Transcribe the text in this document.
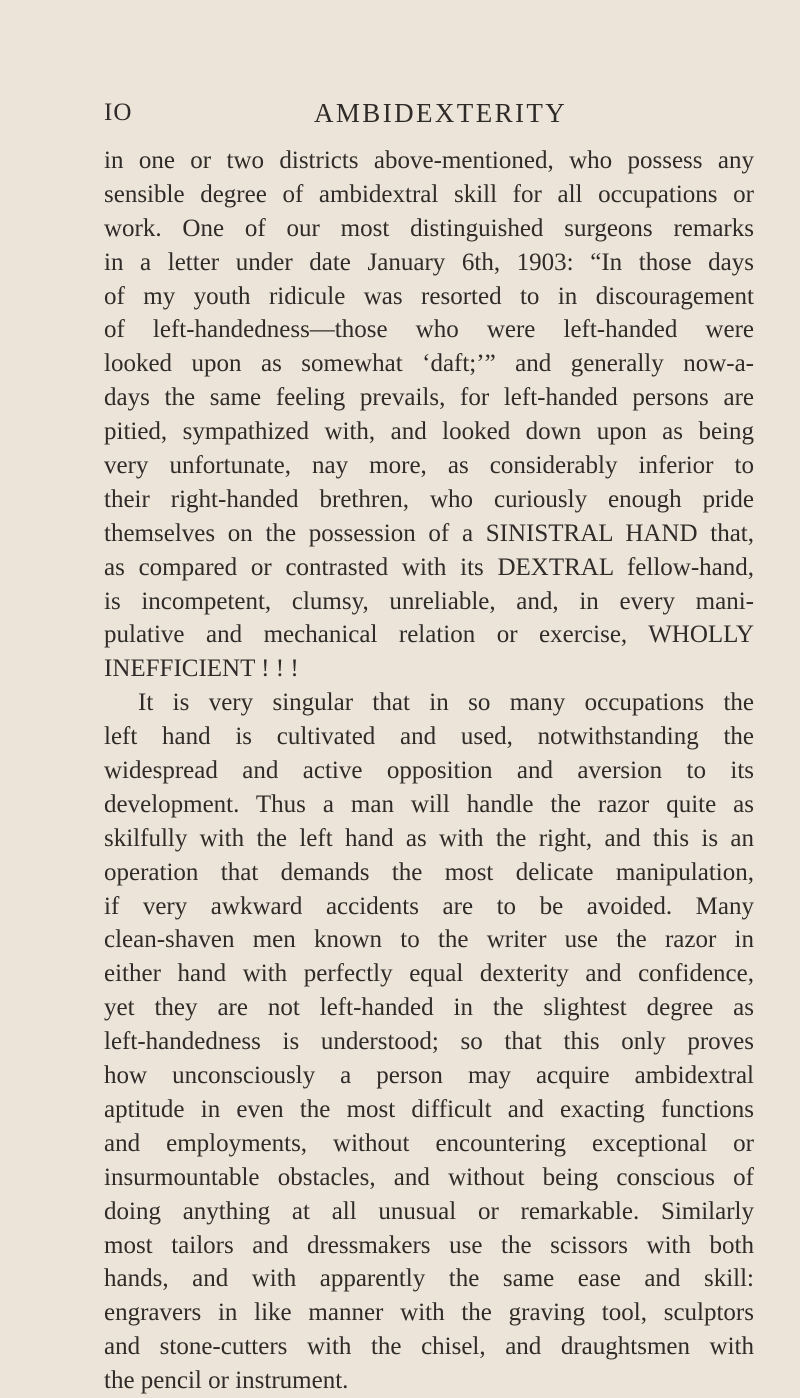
IO	AMBIDEXTERITY
in one or two districts above-mentioned, who possess any
sensible degree of ambidextral skill for all occupations or
work. One of our most distinguished surgeons remarks
in a letter under date January 6th, 1903: “In those days
of my youth ridicule was resorted to in discouragement
of left-handedness—those who were left-handed were
looked upon as somewhat ‘daft;’” and generally now-a-
days the same feeling prevails, for left-handed persons are
pitied, sympathized with, and looked down upon as being
very unfortunate, nay more, as considerably inferior to
their right-handed brethren, who curiously enough pride
themselves on the possession of a SINISTRAL HAND that,
as compared or contrasted with its DEXTRAL fellow-hand,
is incompetent, clumsy, unreliable, and, in every mani-
pulative and mechanical relation or exercise, WHOLLY
INEFFICIENT ! ! !
It is very singular that in so many occupations the
left hand is cultivated and used, notwithstanding the
widespread and active opposition and aversion to its
development. Thus a man will handle the razor quite as
skilfully with the left hand as with the right, and this is an
operation that demands the most delicate manipulation,
if very awkward accidents are to be avoided. Many
clean-shaven men known to the writer use the razor in
either hand with perfectly equal dexterity and confidence,
yet they are not left-handed in the slightest degree as
left-handedness is understood; so that this only proves
how unconsciously a person may acquire ambidextral
aptitude in even the most difficult and exacting functions
and employments, without encountering exceptional or
insurmountable obstacles, and without being conscious of
doing anything at all unusual or remarkable. Similarly
most tailors and dressmakers use the scissors with both
hands, and with apparently the same ease and skill:
engravers in like manner with the graving tool, sculptors
and stone-cutters with the chisel, and draughtsmen with
the pencil or instrument.
